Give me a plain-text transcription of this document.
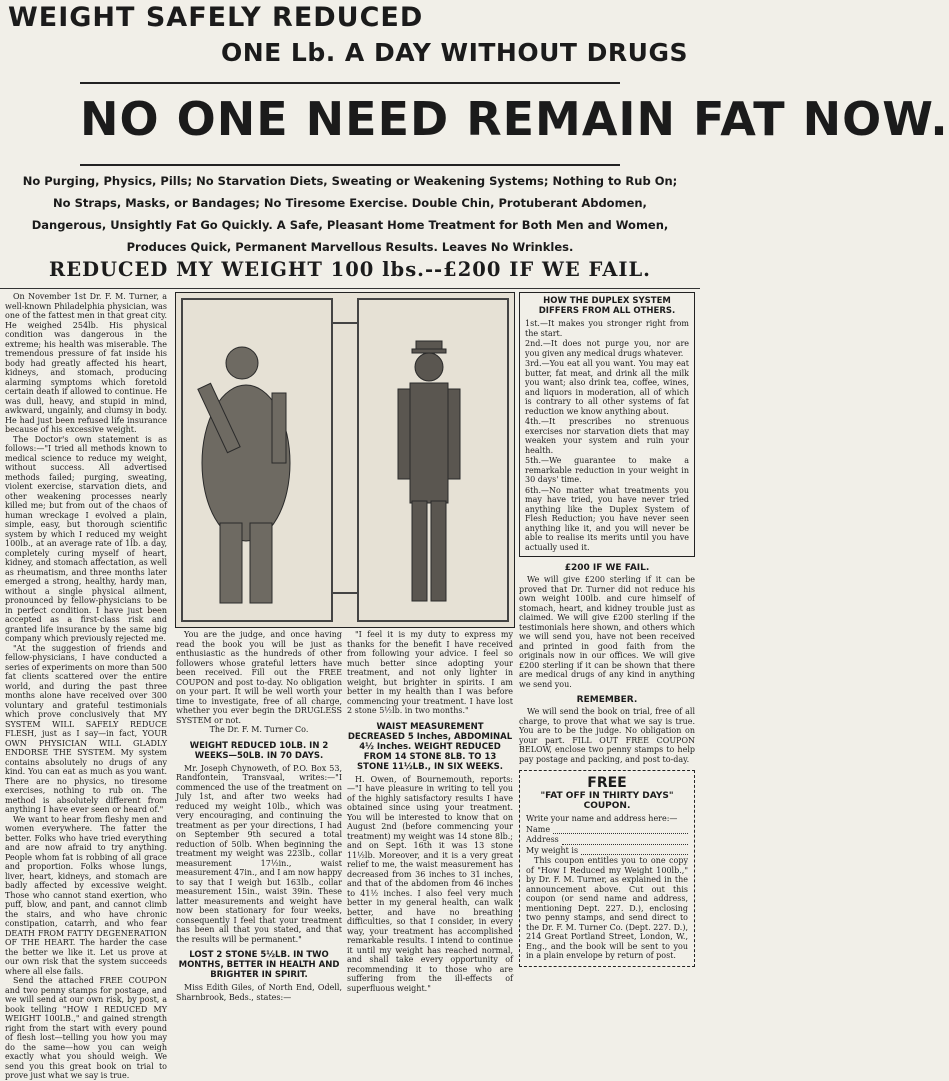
WEIGHT SAFELY REDUCED
ONE Lb. A DAY WITHOUT DRUGS
NO ONE NEED REMAIN FAT NOW.
No Purging, Physics, Pills; No Starvation Diets, Sweating or Weakening Systems; Nothing to Rub On; No Straps, Masks, or Bandages; No Tiresome Exercise. Double Chin, Protuberant Abdomen, Dangerous, Unsightly Fat Go Quickly. A Safe, Pleasant Home Treatment for Both Men and Women, Produces Quick, Permanent Marvellous Results. Leaves No Wrinkles.
REDUCED MY WEIGHT 100 lbs.--£200 IF WE FAIL.

On November 1st Dr. F. M. Turner, a well-known Philadelphia physician, was one of the fattest men in that great city. He weighed 254lb. His physical condition was dangerous in the extreme; his health was miserable. The tremendous pressure of fat inside his body had greatly affected his heart, kidneys, and stomach, producing alarming symptoms which foretold certain death if allowed to continue. He was dull, heavy, and stupid in mind, awkward, ungainly, and clumsy in body. He had just been refused life insurance because of his excessive weight.

The Doctor's own statement is as follows:—"I tried all methods known to medical science to reduce my weight, without success. All advertised methods failed; purging, sweating, violent exercise, starvation diets, and other weakening processes nearly killed me; but from out of the chaos of human wreckage I evolved a plain, simple, easy, but thorough scientific system by which I reduced my weight 100lb., at an average rate of 1lb. a day, completely curing myself of heart, kidney, and stomach affectation, as well as rheumatism, and three months later emerged a strong, healthy, hardy man, without a single physical ailment, pronounced by fellow-physicians to be in perfect condition. I have just been accepted as a first-class risk and granted life insurance by the same big company which previously rejected me.

"At the suggestion of friends and fellow-physicians, I have conducted a series of experiments on more than 500 fat clients scattered over the entire world, and during the past three months alone have received over 300 voluntary and grateful testimonials which prove conclusively that MY SYSTEM WILL SAFELY REDUCE FLESH, just as I say—in fact, YOUR OWN PHYSICIAN WILL GLADLY ENDORSE THE SYSTEM. My system contains absolutely no drugs of any kind. You can eat as much as you want. There are no physics, no tiresome exercises, nothing to rub on. The method is absolutely different from anything I have ever seen or heard of."

We want to hear from fleshy men and women everywhere. The fatter the better. Folks who have tried everything and are now afraid to try anything. People whom fat is robbing of all grace and proportion. Folks whose lungs, liver, heart, kidneys, and stomach are badly affected by excessive weight. Those who cannot stand exertion, who puff, blow, and pant, and cannot climb the stairs, and who have chronic constipation, catarrh, and who fear DEATH FROM FATTY DEGENERATION OF THE HEART. The harder the case the better we like it. Let us prove at our own risk that the system succeeds where all else fails.

Send the attached FREE COUPON and two penny stamps for postage, and we will send at our own risk, by post, a book telling "HOW I REDUCED MY WEIGHT 100LB.," and gained strength right from the start with every pound of flesh lost—telling you how you may do the same—how you can weigh exactly what you should weigh. We send you this great book on trial to prove just what we say is true.

You are the judge, and once having read the book you will be just as enthusiastic as the hundreds of other followers whose grateful letters have been received. Fill out the FREE COUPON and post to-day. No obligation on your part. It will be well worth your time to investigate, free of all charge, whether you ever begin the DRUGLESS SYSTEM or not.

The Dr. F. M. Turner Co.

WEIGHT REDUCED 10LB. IN 2 WEEKS—50LB. IN 70 DAYS.

Mr. Joseph Chynoweth, of P.O. Box 53, Randfontein, Transvaal, writes:—"I commenced the use of the treatment on July 1st, and after two weeks had reduced my weight 10lb., which was very encouraging, and continuing the treatment as per your directions, I had on September 9th secured a total reduction of 50lb. When beginning the treatment my weight was 223lb., collar measurement 17½in., waist measurement 47in., and I am now happy to say that I weigh but 163lb., collar measurement 15in., waist 39in. These latter measurements and weight have now been stationary for four weeks, consequently I feel that your treatment has been all that you stated, and that the results will be permanent."

LOST 2 STONE 5½LB. IN TWO MONTHS, BETTER IN HEALTH AND BRIGHTER IN SPIRIT.

Miss Edith Giles, of North End, Odell, Sharnbrook, Beds., states:—

"I feel it is my duty to express my thanks for the benefit I have received from following your advice. I feel so much better since adopting your treatment, and not only lighter in weight, but brighter in spirits. I am better in my health than I was before commencing your treatment. I have lost 2 stone 5½lb. in two months."

WAIST MEASUREMENT DECREASED 5 Inches, ABDOMINAL 4½ Inches. WEIGHT REDUCED FROM 14 STONE 8LB. TO 13 STONE 11½LB., IN SIX WEEKS.

H. Owen, of Bournemouth, reports:—"I have pleasure in writing to tell you of the highly satisfactory results I have obtained since using your treatment. You will be interested to know that on August 2nd (before commencing your treatment) my weight was 14 stone 8lb.; and on Sept. 16th it was 13 stone 11½lb. Moreover, and it is a very great relief to me, the waist measurement has decreased from 36 inches to 31 inches, and that of the abdomen from 46 inches to 41½ inches. I also feel very much better in my general health, can walk better, and have no breathing difficulties, so that I consider, in every way, your treatment has accomplished remarkable results. I intend to continue it until my weight has reached normal, and shall take every opportunity of recommending it to those who are suffering from the ill-effects of superfluous weight."

HOW THE DUPLEX SYSTEM DIFFERS FROM ALL OTHERS.
1st.—It makes you stronger right from the start.
2nd.—It does not purge you, nor are you given any medical drugs whatever.
3rd.—You eat all you want. You may eat butter, fat meat, and drink all the milk you want; also drink tea, coffee, wines, and liquors in moderation, all of which is contrary to all other systems of fat reduction we know anything about.
4th.—It prescribes no strenuous exercises nor starvation diets that may weaken your system and ruin your health.
5th.—We guarantee to make a remarkable reduction in your weight in 30 days' time.
6th.—No matter what treatments you may have tried, you have never tried anything like the Duplex System of Flesh Reduction; you have never seen anything like it, and you will never be able to realise its merits until you have actually used it.
£200 IF WE FAIL.
We will give £200 sterling if it can be proved that Dr. Turner did not reduce his own weight 100lb. and cure himself of stomach, heart, and kidney trouble just as claimed. We will give £200 sterling if the testimonials here shown, and others which we will send you, have not been received and printed in good faith from the originals now in our offices. We will give £200 sterling if it can be shown that there are medical drugs of any kind in anything we send you.
REMEMBER.
We will send the book on trial, free of all charge, to prove that what we say is true. You are to be the judge. No obligation on your part. FILL OUT FREE COUPON BELOW, enclose two penny stamps to help pay postage and packing, and post to-day.
FREE
"FAT OFF IN THIRTY DAYS" COUPON.
Write your name and address here:—
Name
Address
My weight is
This coupon entitles you to one copy of "How I Reduced my Weight 100lb.," by Dr. F. M. Turner, as explained in the announcement above. Cut out this coupon (or send name and address, mentioning Dept. 227. D.), enclosing two penny stamps, and send direct to the Dr. F. M. Turner Co. (Dept. 227. D.), 214 Great Portland Street, London, W., Eng., and the book will be sent to you in a plain envelope by return of post.
